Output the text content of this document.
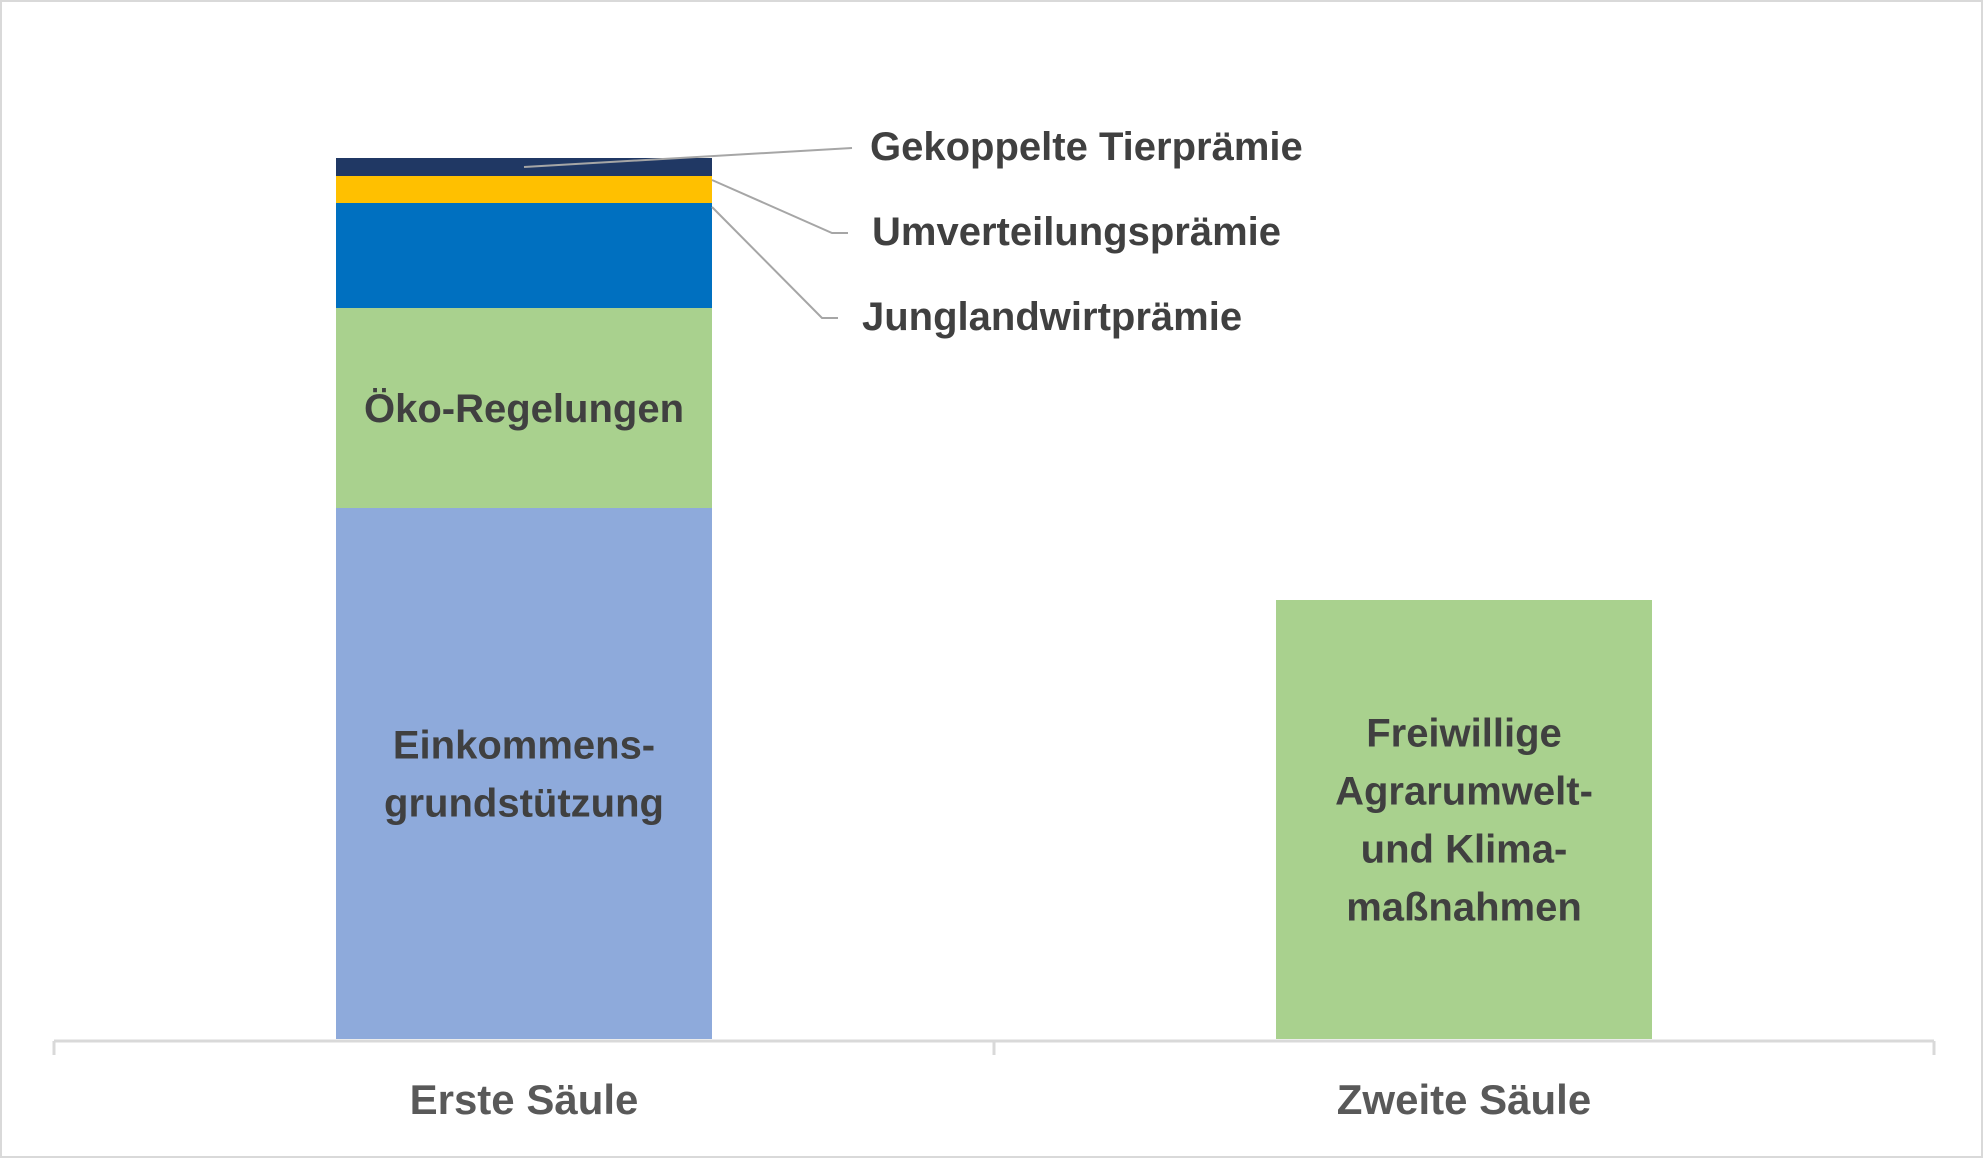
Einkommens-grundstützung
Öko-Regelungen
Junglandwirtprämie
Umverteilungsprämie
Gekoppelte Tierprämie
Freiwillige Agrarumwelt-und Klima-maßnahmen
Erste Säule	Zweite Säule
